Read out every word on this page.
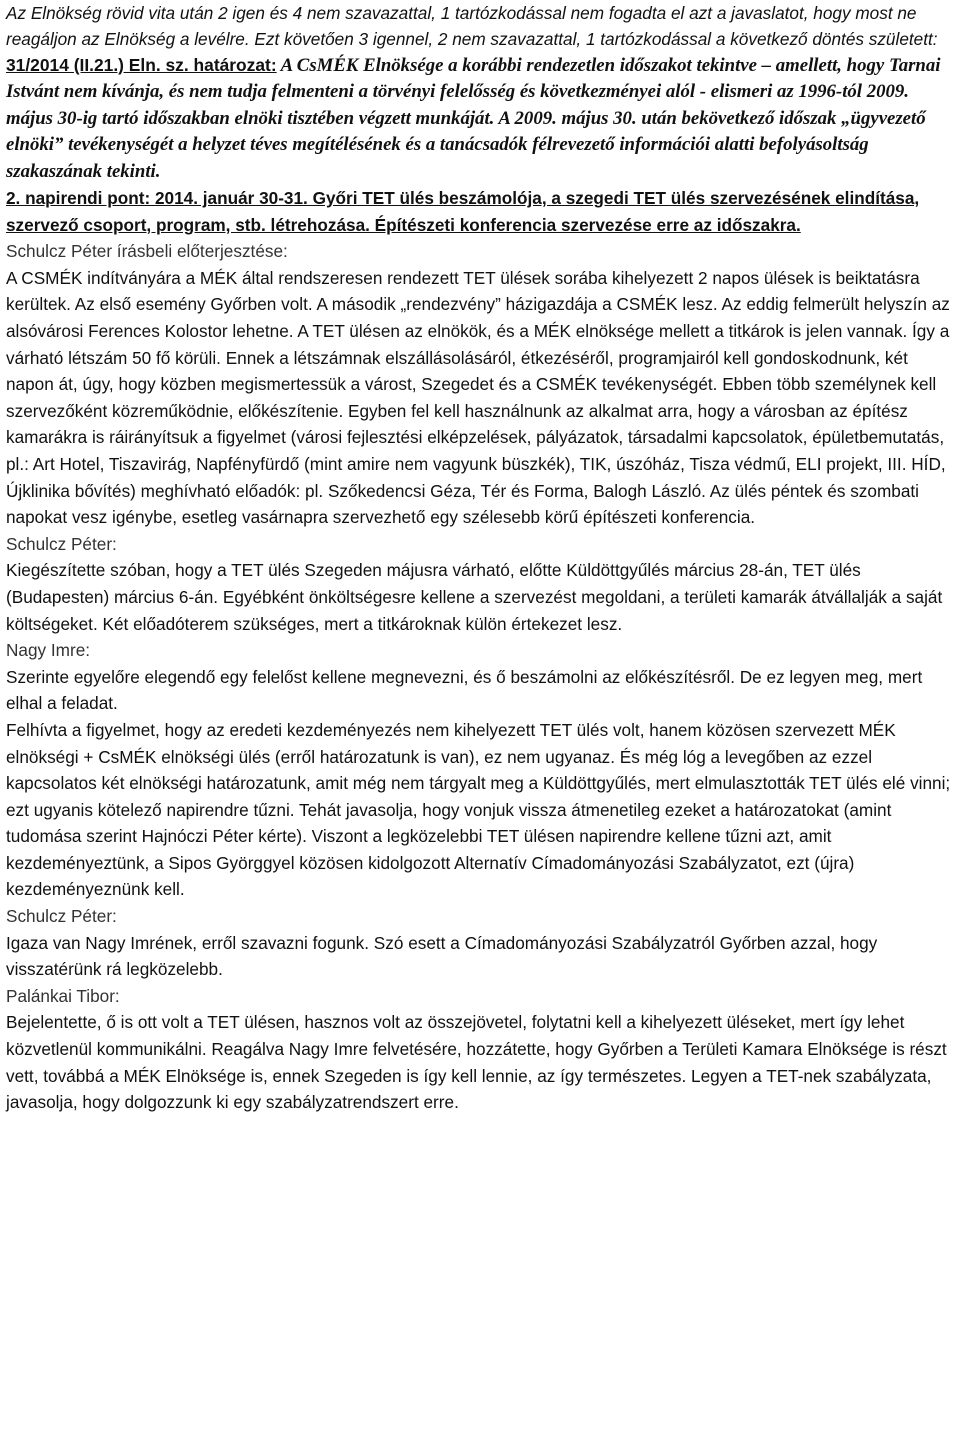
Az Elnökség rövid vita után 2 igen és 4 nem szavazattal, 1 tartózkodással nem fogadta el azt a javaslatot, hogy most ne reagáljon az Elnökség a levélre. Ezt követően 3 igennel, 2 nem szavazattal, 1 tartózkodással a következő döntés született:

31/2014 (II.21.) Eln. sz. határozat: A CsMÉK Elnöksége a korábbi rendezetlen időszakot tekintve – amellett, hogy Tarnai Istvánt nem kívánja, és nem tudja felmenteni a törvényi felelősség és következményei alól - elismeri az 1996-tól 2009. május 30-ig tartó időszakban elnöki tisztében végzett munkáját. A 2009. május 30. után bekövetkező időszak „ügyvezető elnöki” tevékenységét a helyzet téves megítélésének és a tanácsadók félrevezető információi alatti befolyásoltság szakaszának tekinti.

2. napirendi pont: 2014. január 30-31. Győri TET ülés beszámolója, a szegedi TET ülés szervezésének elindítása, szervező csoport, program, stb. létrehozása. Építészeti konferencia szervezése erre az időszakra.

Schulcz Péter írásbeli előterjesztése:

A CSMÉK indítványára a MÉK által rendszeresen rendezett TET ülések sorába kihelyezett 2 napos ülések is beiktatásra kerültek. Az első esemény Győrben volt. A második „rendezvény” házigazdája a CSMÉK lesz. Az eddig felmerült helyszín az alsóvárosi Ferences Kolostor lehetne. A TET ülésen az elnökök, és a MÉK elnöksége mellett a titkárok is jelen vannak. Így a várható létszám 50 fő körüli. Ennek a létszámnak elszállásolásáról, étkezéséről, programjairól kell gondoskodnunk, két napon át, úgy, hogy közben megismertessük a várost, Szegedet és a CSMÉK tevékenységét. Ebben több személynek kell szervezőként közreműködnie, előkészítenie. Egyben fel kell használnunk az alkalmat arra, hogy a városban az építész kamarákra is ráirányítsuk a figyelmet (városi fejlesztési elképzelések, pályázatok, társadalmi kapcsolatok, épületbemutatás, pl.: Art Hotel, Tiszavirág, Napfényfürdő (mint amire nem vagyunk büszkék), TIK, úszóház, Tisza védmű, ELI projekt, III. HÍD, Újklinika bővítés) meghívható előadók: pl. Szőkedencsi Géza, Tér és Forma, Balogh László. Az ülés péntek és szombati napokat vesz igénybe, esetleg vasárnapra szervezhető egy szélesebb körű építészeti konferencia.

Schulcz Péter:

Kiegészítette szóban, hogy a TET ülés Szegeden májusra várható, előtte Küldöttgyűlés március 28-án, TET ülés (Budapesten) március 6-án. Egyébként önköltségesre kellene a szervezést megoldani, a területi kamarák átvállalják a saját költségeket. Két előadóterem szükséges, mert a titkároknak külön értekezet lesz.

Nagy Imre:

Szerinte egyelőre elegendő egy felelőst kellene megnevezni, és ő beszámolni az előkészítésről. De ez legyen meg, mert elhal a feladat.

Felhívta a figyelmet, hogy az eredeti kezdeményezés nem kihelyezett TET ülés volt, hanem közösen szervezett MÉK elnökségi + CsMÉK elnökségi ülés (erről határozatunk is van), ez nem ugyanaz. És még lóg a levegőben az ezzel kapcsolatos két elnökségi határozatunk, amit még nem tárgyalt meg a Küldöttgyűlés, mert elmulasztották TET ülés elé vinni; ezt ugyanis kötelező napirendre tűzni. Tehát javasolja, hogy vonjuk vissza átmenetileg ezeket a határozatokat (amint tudomása szerint Hajnóczi Péter kérte). Viszont a legközelebbi TET ülésen napirendre kellene tűzni azt, amit kezdeményeztünk, a Sipos Györggyel közösen kidolgozott Alternatív Címadományozási Szabályzatot, ezt (újra) kezdeményeznünk kell.

Schulcz Péter:

Igaza van Nagy Imrének, erről szavazni fogunk. Szó esett a Címadományozási Szabályzatról Győrben azzal, hogy visszatérünk rá legközelebb.

Palánkai Tibor:

Bejelentette, ő is ott volt a TET ülésen, hasznos volt az összejövetel, folytatni kell a kihelyezett üléseket, mert így lehet közvetlenül kommunikálni. Reagálva Nagy Imre felvetésére, hozzátette, hogy Győrben a Területi Kamara Elnöksége is részt vett, továbbá a MÉK Elnöksége is, ennek Szegeden is így kell lennie, az így természetes. Legyen a TET-nek szabályzata, javasolja, hogy dolgozzunk ki egy szabályzatrendszert erre.
